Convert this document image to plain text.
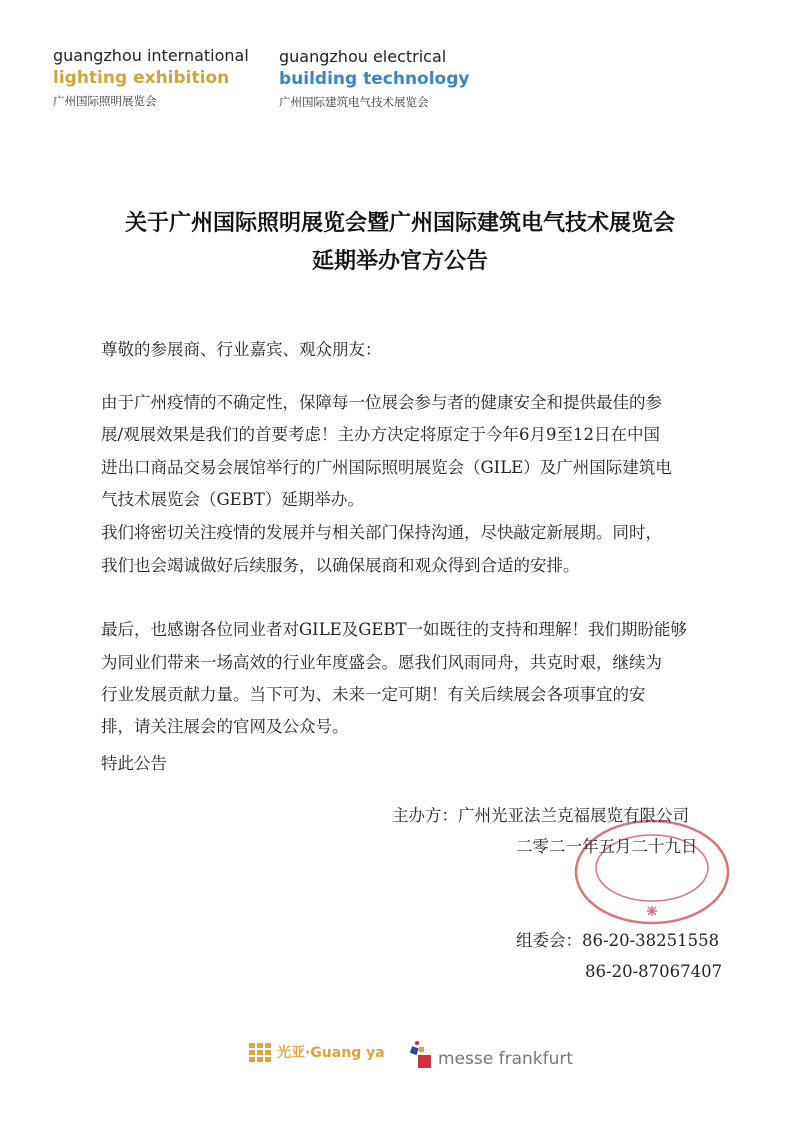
guangzhou international
lighting exhibition
广州国际照明展览会
guangzhou electrical
building technology
广州国际建筑电气技术展览会
关于广州国际照明展览会暨广州国际建筑电气技术展览会
延期举办官方公告
尊敬的参展商、行业嘉宾、观众朋友：
由于广州疫情的不确定性，保障每一位展会参与者的健康安全和提供最佳的参
展/观展效果是我们的首要考虑！主办方决定将原定于今年6月9至12日在中国
进出口商品交易会展馆举行的广州国际照明展览会（GILE）及广州国际建筑电
气技术展览会（GEBT）延期举办。
我们将密切关注疫情的发展并与相关部门保持沟通，尽快敲定新展期。同时，
我们也会竭诚做好后续服务，以确保展商和观众得到合适的安排。
最后，也感谢各位同业者对GILE及GEBT一如既往的支持和理解！我们期盼能够
为同业们带来一场高效的行业年度盛会。愿我们风雨同舟，共克时艰，继续为
行业发展贡献力量。当下可为、未来一定可期！有关后续展会各项事宜的安
排，请关注展会的官网及公众号。
特此公告
主办方：广州光亚法兰克福展览有限公司
二零二一年五月二十九日
组委会：86-20-38251558
86-20-87067407
光亚·Guang ya	messe frankfurt
